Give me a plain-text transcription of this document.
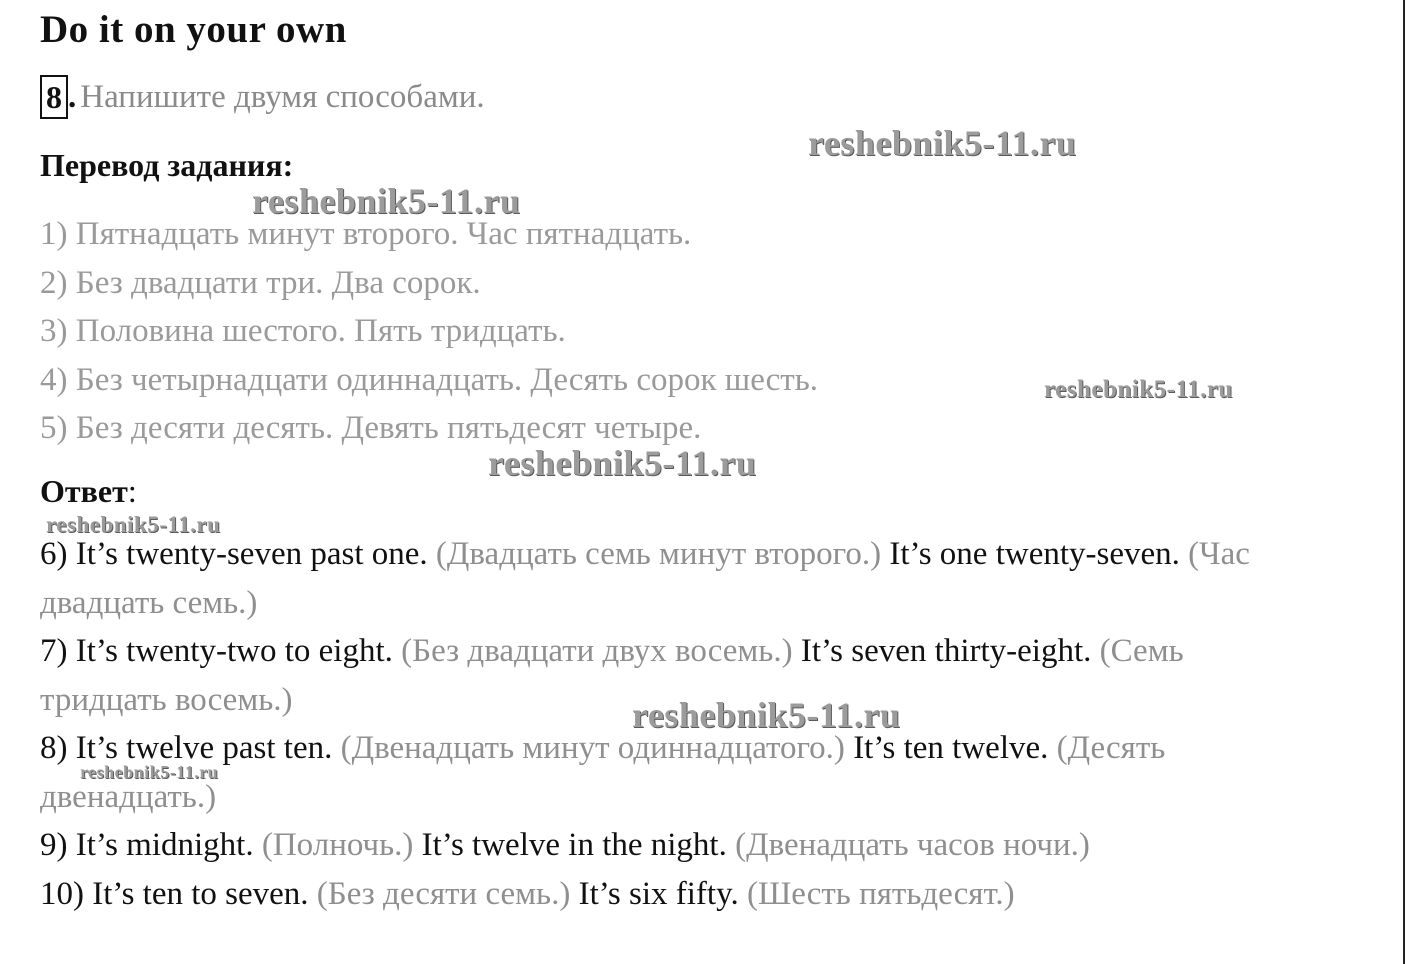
Do it on your own
8 . Напишите двумя способами.
Перевод задания:
1) Пятнадцать минут второго. Час пятнадцать.
2) Без двадцати три. Два сорок.
3) Половина шестого. Пять тридцать.
4) Без четырнадцати одиннадцать. Десять сорок шесть.
5) Без десяти десять. Девять пятьдесят четыре.
Ответ:

6) It’s twenty-seven past one. (Двадцать семь минут второго.) It’s one twenty-seven. (Час двадцать семь.)

7) It’s twenty-two to eight. (Без двадцати двух восемь.) It’s seven thirty-eight. (Семь тридцать восемь.)

8) It’s twelve past ten. (Двенадцать минут одиннадцатого.) It’s ten twelve. (Десять двенадцать.)

9) It’s midnight. (Полночь.) It’s twelve in the night. (Двенадцать часов ночи.)

10) It’s ten to seven. (Без десяти семь.) It’s six fifty. (Шесть пятьдесят.)

reshebnik5-11.ru
reshebnik5-11.ru
reshebnik5-11.ru
reshebnik5-11.ru
reshebnik5-11.ru
reshebnik5-11.ru
reshebnik5-11.ru
